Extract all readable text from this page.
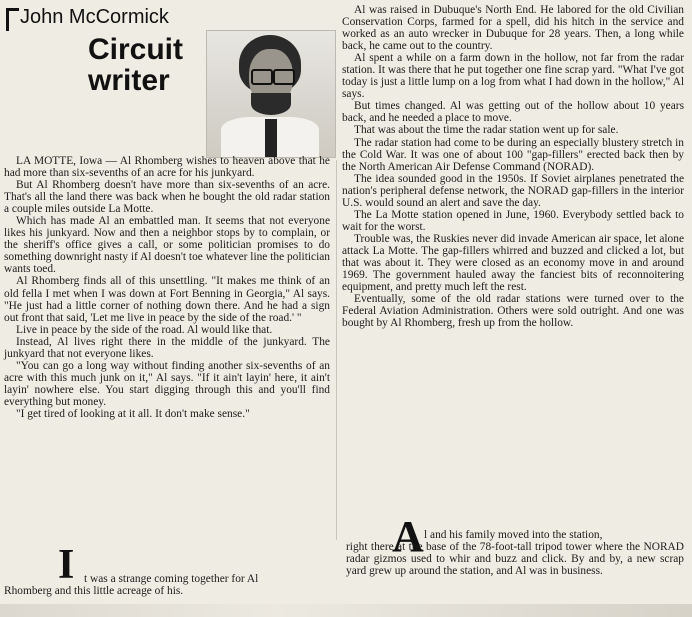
John McCormick
Circuit
writer

LA MOTTE, Iowa — Al Rhomberg wishes to heaven above that he had more than six-sevenths of an acre for his junkyard.

But Al Rhomberg doesn't have more than six-sevenths of an acre. That's all the land there was back when he bought the old radar station a couple miles outside La Motte.

Which has made Al an embattled man. It seems that not everyone likes his junkyard. Now and then a neighbor stops by to complain, or the sheriff's office gives a call, or some politician promises to do something downright nasty if Al doesn't toe whatever line the politician wants toed.

Al Rhomberg finds all of this unsettling. "It makes me think of an old fella I met when I was down at Fort Benning in Georgia," Al says. "He just had a little corner of nothing down there. And he had a sign out front that said, 'Let me live in peace by the side of the road.' "

Live in peace by the side of the road. Al would like that.

Instead, Al lives right there in the middle of the junkyard. The junkyard that not everyone likes.

"You can go a long way without finding another six-sevenths of an acre with this much junk on it," Al says. "If it ain't layin' here, it ain't layin' nowhere else. You start digging through this and you'll find everything but money.

"I get tired of looking at it all. It don't make sense."

I t was a strange coming together for Al
Rhomberg and this little acreage of his.

Al was raised in Dubuque's North End. He labored for the old Civilian Conservation Corps, farmed for a spell, did his hitch in the service and worked as an auto wrecker in Dubuque for 28 years. Then, a long while back, he came out to the country.

Al spent a while on a farm down in the hollow, not far from the radar station. It was there that he put together one fine scrap yard. "What I've got today is just a little lump on a log from what I had down in the hollow," Al says.

But times changed. Al was getting out of the hollow about 10 years back, and he needed a place to move.

That was about the time the radar station went up for sale.

The radar station had come to be during an especially blustery stretch in the Cold War. It was one of about 100 "gap-fillers" erected back then by the North American Air Defense Command (NORAD).

The idea sounded good in the 1950s. If Soviet airplanes penetrated the nation's peripheral defense network, the NORAD gap-fillers in the interior U.S. would sound an alert and save the day.

The La Motte station opened in June, 1960. Everybody settled back to wait for the worst.

Trouble was, the Ruskies never did invade American air space, let alone attack La Motte. The gap-fillers whirred and buzzed and clicked a lot, but that was about it. They were closed as an economy move in and around 1969. The government hauled away the fanciest bits of reconnoitering equipment, and pretty much left the rest.

Eventually, some of the old radar stations were turned over to the Federal Aviation Administration. Others were sold outright. And one was bought by Al Rhomberg, fresh up from the hollow.

A l and his family moved into the station,
right there at the base of the 78-foot-tall tripod tower where the NORAD radar gizmos used to whir and buzz and click. By and by, a new scrap yard grew up around the station, and Al was in business.
